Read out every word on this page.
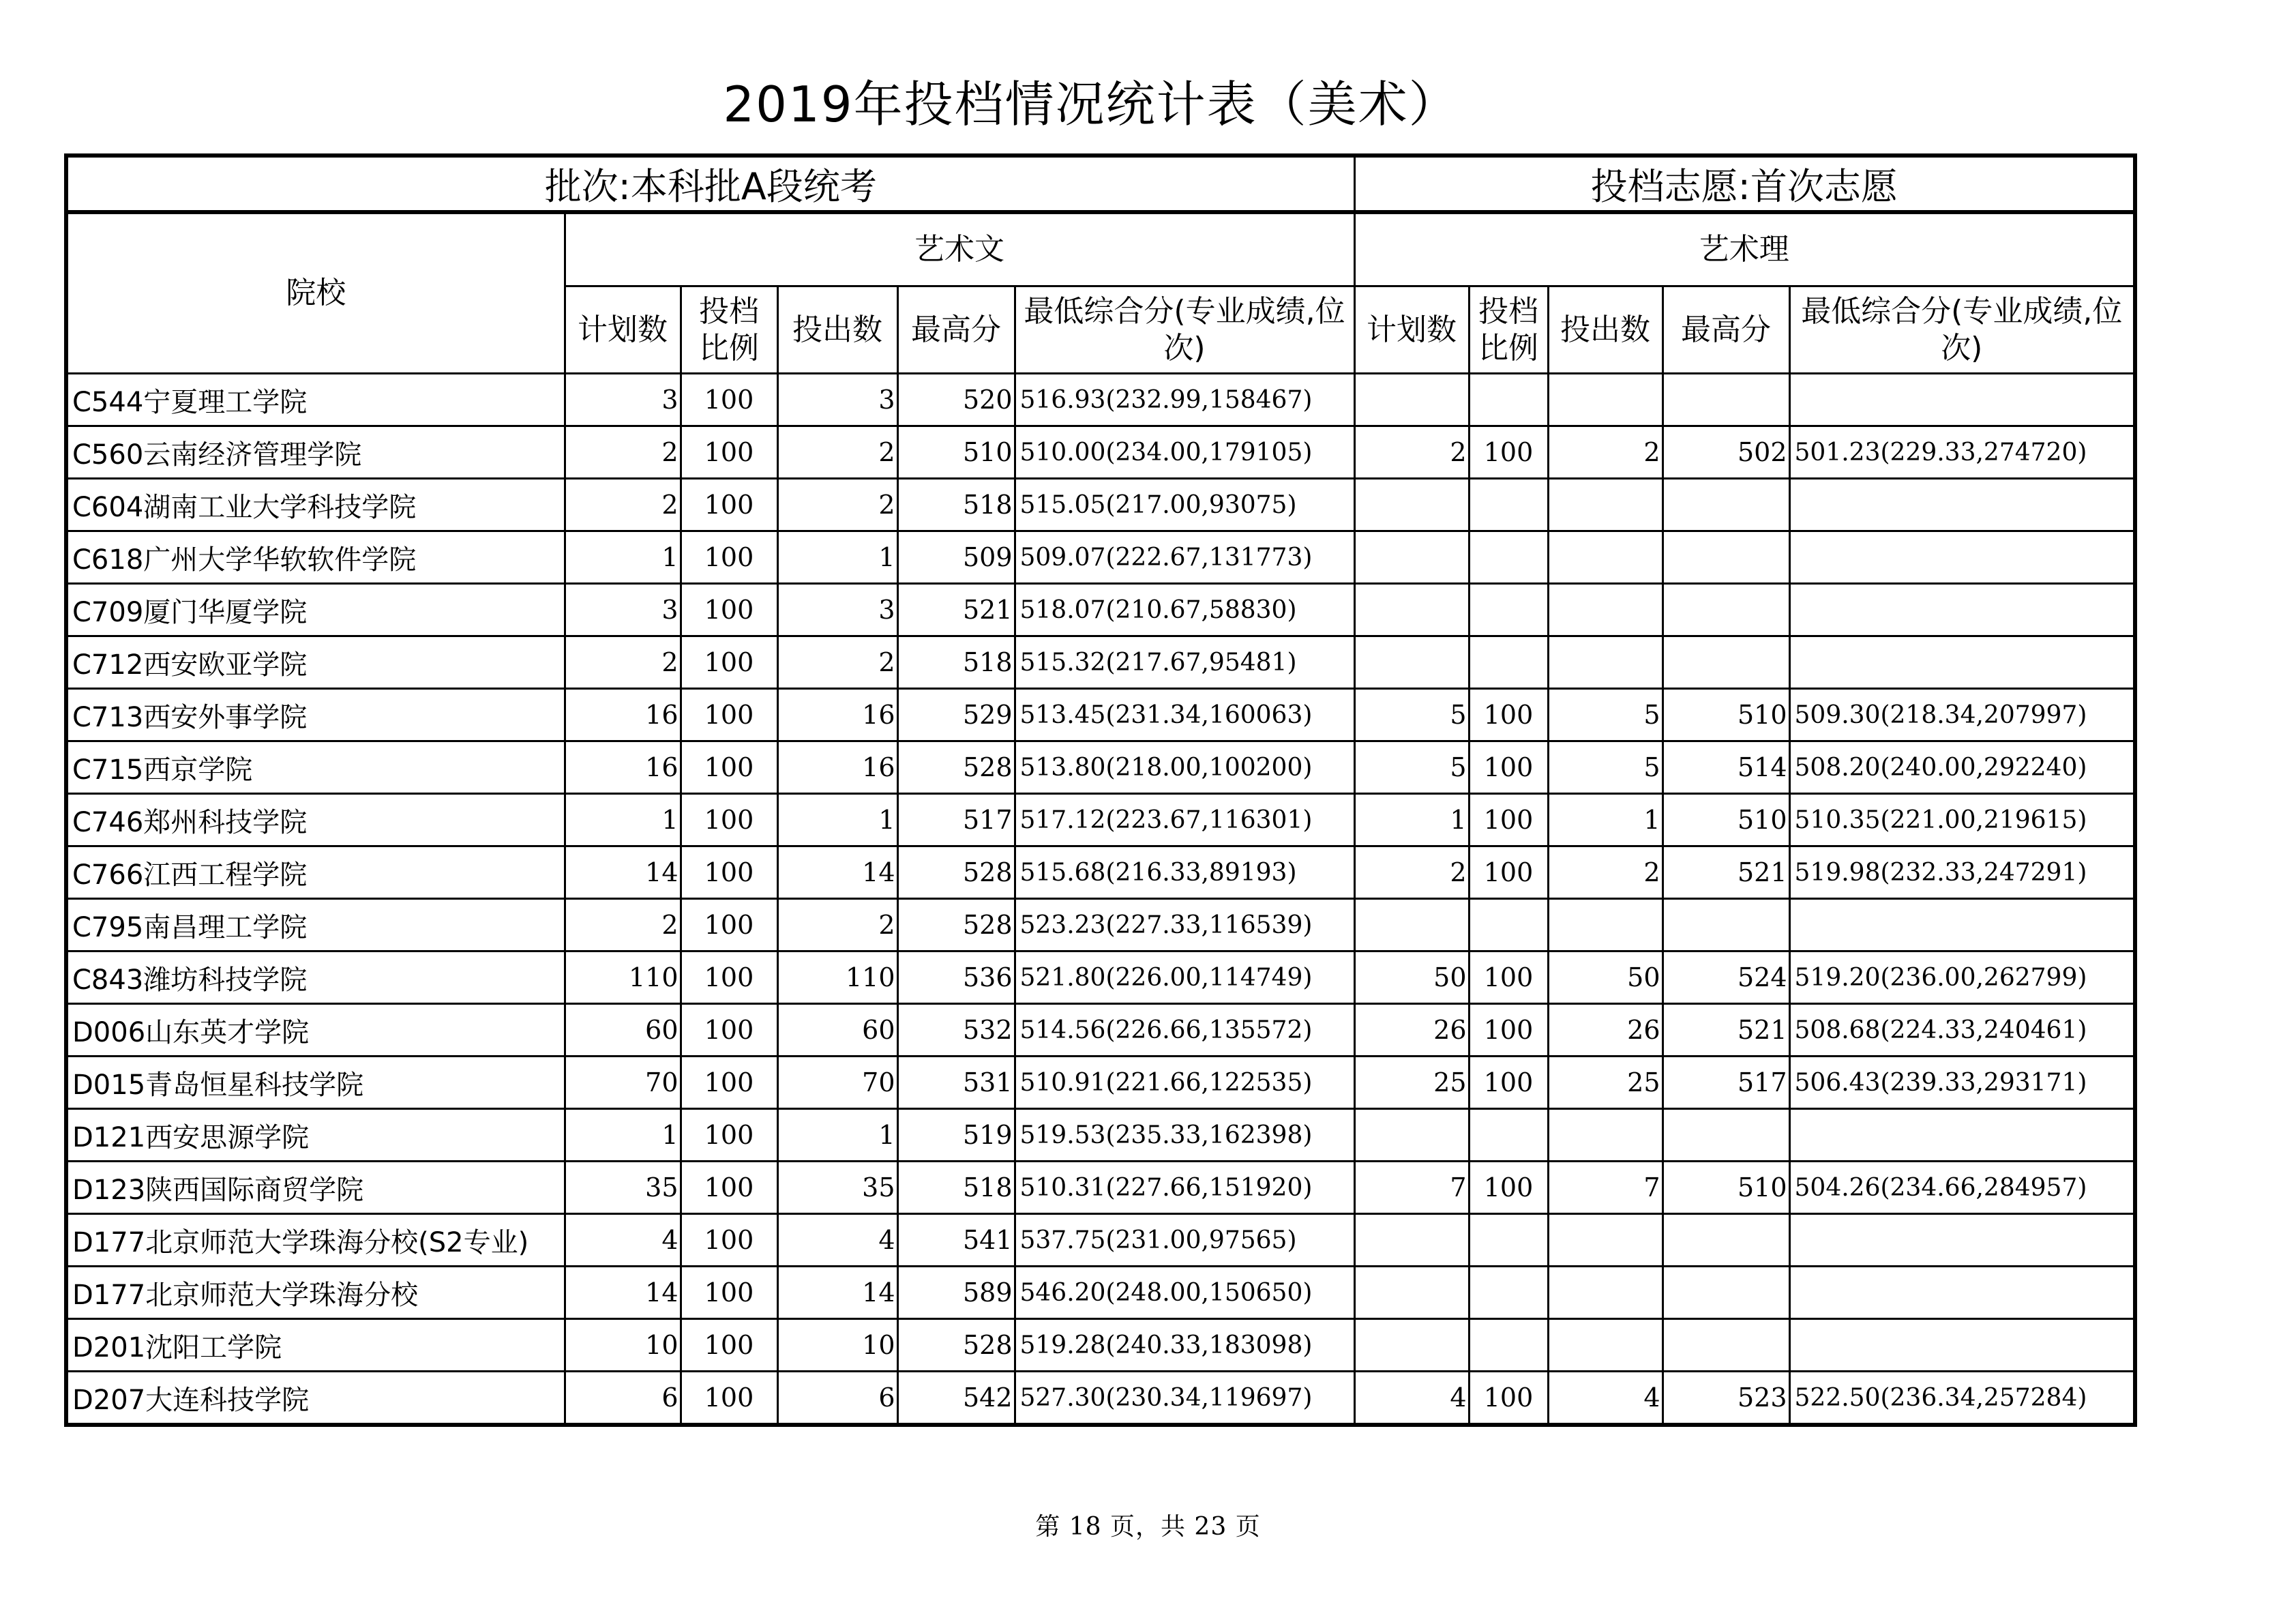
2019年投档情况统计表（美术）
批次:本科批A段统考						投档志愿:首次志愿				
院校	艺术文					艺术理				
	计划数	投档比例	投出数	最高分	最低综合分(专业成绩,位次)	计划数	投档比例	投出数	最高分	最低综合分(专业成绩,位次)
C544宁夏理工学院	3	100	3	520	516.93(232.99,158467)					
C560云南经济管理学院	2	100	2	510	510.00(234.00,179105)	2	100	2	502	501.23(229.33,274720)
C604湖南工业大学科技学院	2	100	2	518	515.05(217.00,93075)					
C618广州大学华软软件学院	1	100	1	509	509.07(222.67,131773)					
C709厦门华厦学院	3	100	3	521	518.07(210.67,58830)					
C712西安欧亚学院	2	100	2	518	515.32(217.67,95481)					
C713西安外事学院	16	100	16	529	513.45(231.34,160063)	5	100	5	510	509.30(218.34,207997)
C715西京学院	16	100	16	528	513.80(218.00,100200)	5	100	5	514	508.20(240.00,292240)
C746郑州科技学院	1	100	1	517	517.12(223.67,116301)	1	100	1	510	510.35(221.00,219615)
C766江西工程学院	14	100	14	528	515.68(216.33,89193)	2	100	2	521	519.98(232.33,247291)
C795南昌理工学院	2	100	2	528	523.23(227.33,116539)					
C843潍坊科技学院	110	100	110	536	521.80(226.00,114749)	50	100	50	524	519.20(236.00,262799)
D006山东英才学院	60	100	60	532	514.56(226.66,135572)	26	100	26	521	508.68(224.33,240461)
D015青岛恒星科技学院	70	100	70	531	510.91(221.66,122535)	25	100	25	517	506.43(239.33,293171)
D121西安思源学院	1	100	1	519	519.53(235.33,162398)					
D123陕西国际商贸学院	35	100	35	518	510.31(227.66,151920)	7	100	7	510	504.26(234.66,284957)
D177北京师范大学珠海分校(S2专业)	4	100	4	541	537.75(231.00,97565)					
D177北京师范大学珠海分校	14	100	14	589	546.20(248.00,150650)					
D201沈阳工学院	10	100	10	528	519.28(240.33,183098)					
D207大连科技学院	6	100	6	542	527.30(230.34,119697)	4	100	4	523	522.50(236.34,257284)
第 18 页，共 23 页
